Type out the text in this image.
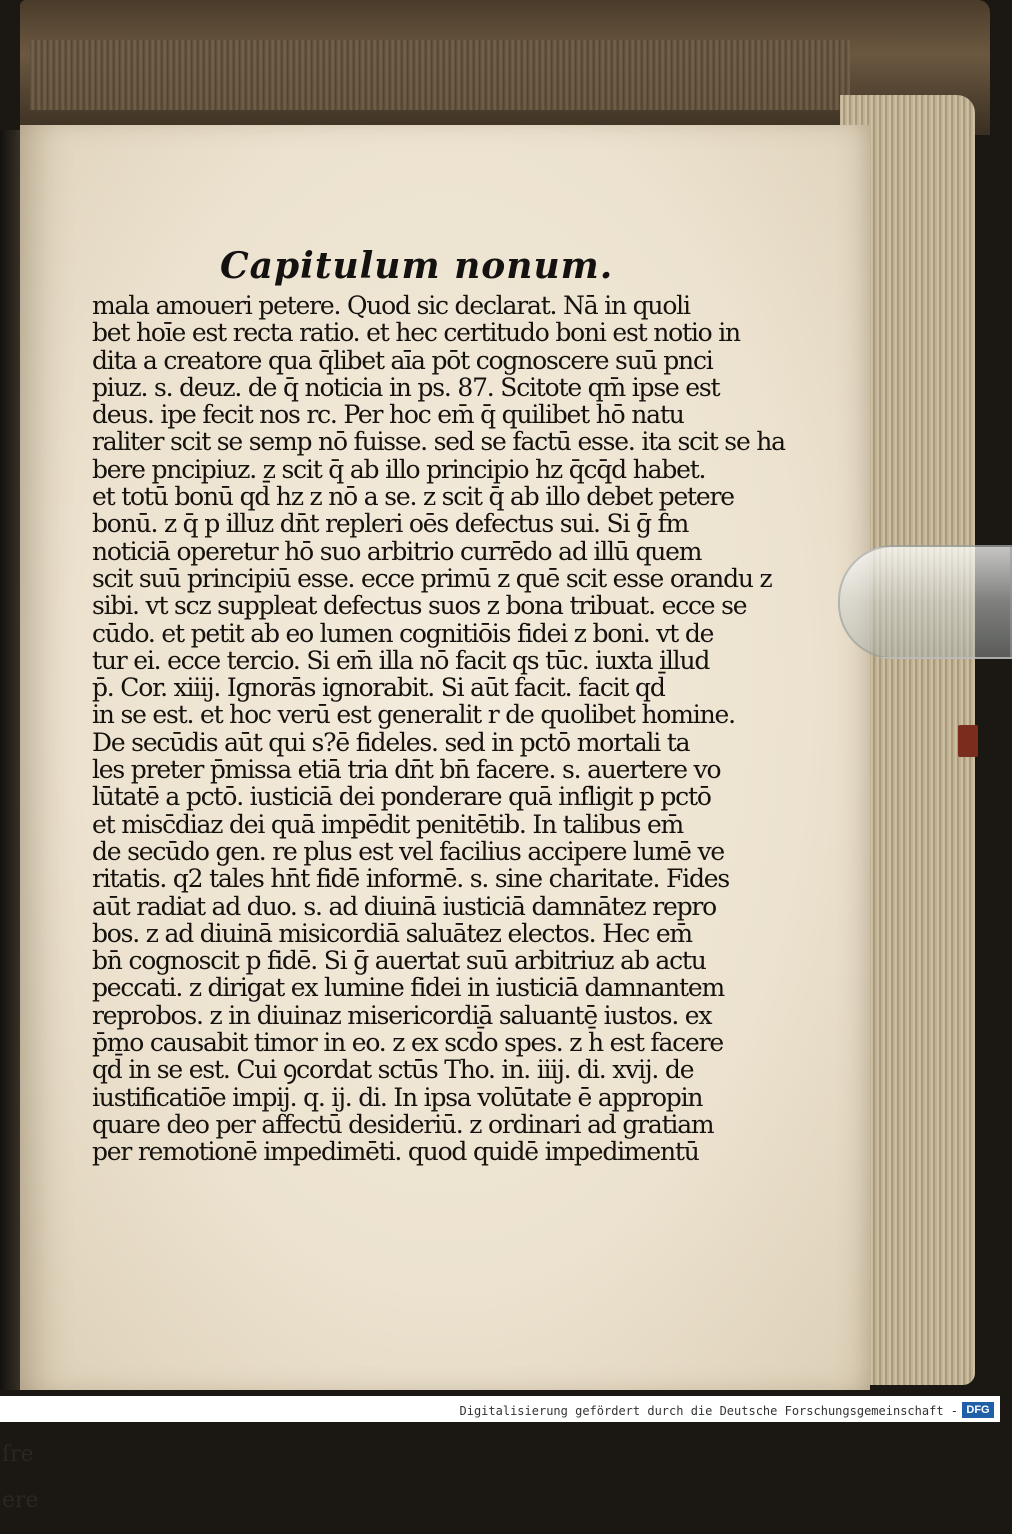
ſre
ere
Capitulum nonum.
mala amoueri petere. Quod sic declarat. Nā in quoli
bet hoīe est recta ratio. et hec certitudo boni est notio in
dita a creatore qua q̄libet aīa pōt cognoscere suū pnci
piuz. s. deuz. de q̄ noticia in ps. 87. Scitote qm̄ ipse est
deus. ipe fecit nos rc. Per hoc em̄ q̄ quilibet hō natu
raliter scit se semp nō fuisse. sed se factū esse. ita scit se ha
bere pncipiuz. z scit q̄ ab illo principio hz q̄cq̄d habet.
et totū bonū qd̄ hz z nō a se. z scit q̄ ab illo debet petere
bonū. z q̄ p illuz dn̄t repleri oēs defectus sui. Si ḡ fm
noticiā operetur hō suo arbitrio currēdo ad illū quem
scit suū principiū esse. ecce primū z quē scit esse orandu z
sibi. vt scz suppleat defectus suos z bona tribuat. ecce se
cūdo. et petit ab eo lumen cognitiōis fidei z boni. vt de
tur ei. ecce tercio. Si em̄ illa nō facit qs tūc. iuxta illud
p̄. Cor. xiiij. Ignorās ignorabit. Si aūt facit. facit qd̄
in se est. et hoc verū est generalit r de quolibet homine.
De secūdis aūt qui s?ē fideles. sed in pctō mortali ta
les preter p̄missa etiā tria dn̄t bn̄ facere. s. auertere vo
lūtatē a pctō. iusticiā dei ponderare quā infligit p pctō
et misc̄diaz dei quā impēdit penitētib. In talibus em̄
de secūdo gen. re plus est vel facilius accipere lumē ve
ritatis. q2 tales hn̄t fidē informē. s. sine charitate. Fides
aūt radiat ad duo. s. ad diuinā iusticiā damnātez repro
bos. z ad diuinā misicordiā saluātez electos. Hec em̄
bn̄ cognoscit p fidē. Si ḡ auertat suū arbitriuz ab actu
peccati. z dirigat ex lumine fidei in iusticiā damnantem
reprobos. z in diuinaz misericordiā saluantē iustos. ex
p̄mo causabit timor in eo. z ex scd̄o spes. z h̄ est facere
qd̄ in se est. Cui ꝯcordat sctūs Tho. in. iiij. di. xvij. de
iustificatiōe impij. q. ij. di. In ipsa volūtate ē appropin
quare deo per affectū desideriū. z ordinari ad gratiam
per remotionē impedimēti. quod quidē impedimentū
Digitalisierung gefördert durch die Deutsche Forschungsgemeinschaft - DFG
